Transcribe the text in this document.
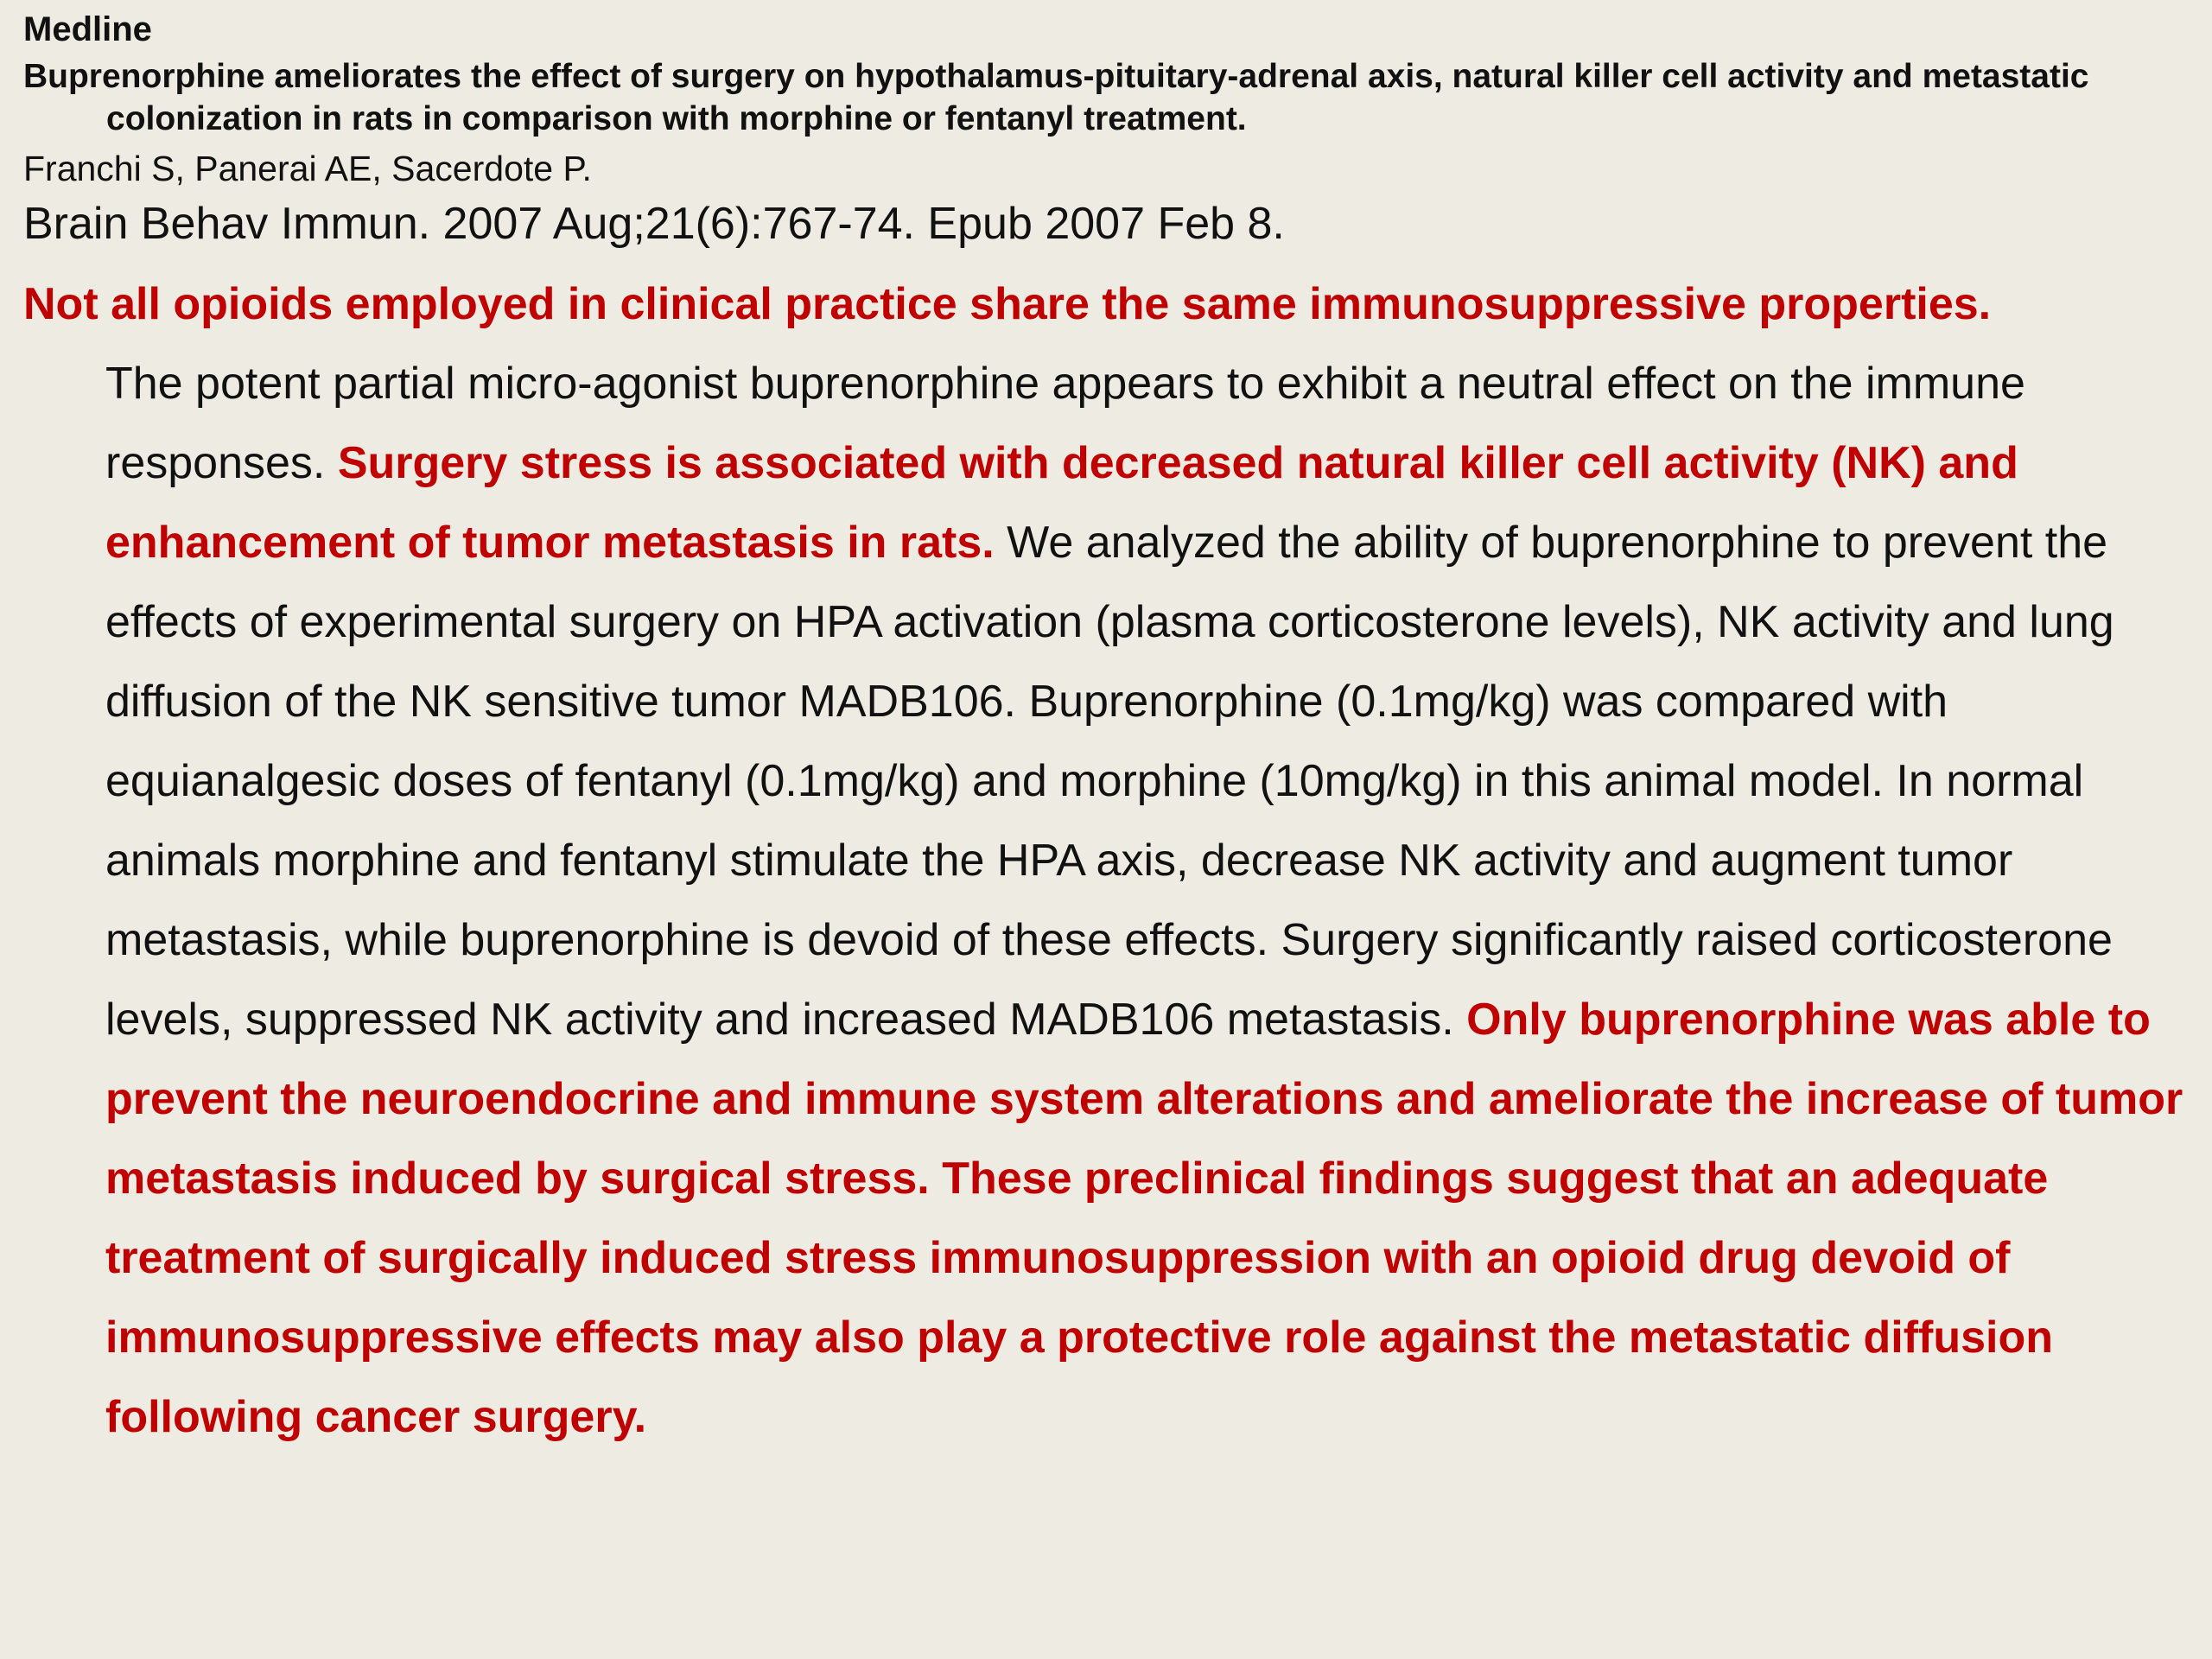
Medline
Buprenorphine ameliorates the effect of surgery on hypothalamus-pituitary-adrenal axis, natural killer cell activity and metastatic colonization in rats in comparison with morphine or fentanyl treatment.
Franchi S, Panerai AE, Sacerdote P.
Brain Behav Immun. 2007 Aug;21(6):767-74. Epub 2007 Feb 8.
Not all opioids employed in clinical practice share the same immunosuppressive properties.
The potent partial micro-agonist buprenorphine appears to exhibit a neutral effect on the immune responses. Surgery stress is associated with decreased natural killer cell activity (NK) and enhancement of tumor metastasis in rats. We analyzed the ability of buprenorphine to prevent the effects of experimental surgery on HPA activation (plasma corticosterone levels), NK activity and lung diffusion of the NK sensitive tumor MADB106. Buprenorphine (0.1mg/kg) was compared with equianalgesic doses of fentanyl (0.1mg/kg) and morphine (10mg/kg) in this animal model. In normal animals morphine and fentanyl stimulate the HPA axis, decrease NK activity and augment tumor metastasis, while buprenorphine is devoid of these effects. Surgery significantly raised corticosterone levels, suppressed NK activity and increased MADB106 metastasis. Only buprenorphine was able to prevent the neuroendocrine and immune system alterations and ameliorate the increase of tumor metastasis induced by surgical stress. These preclinical findings suggest that an adequate treatment of surgically induced stress immunosuppression with an opioid drug devoid of immunosuppressive effects may also play a protective role against the metastatic diffusion following cancer surgery.
